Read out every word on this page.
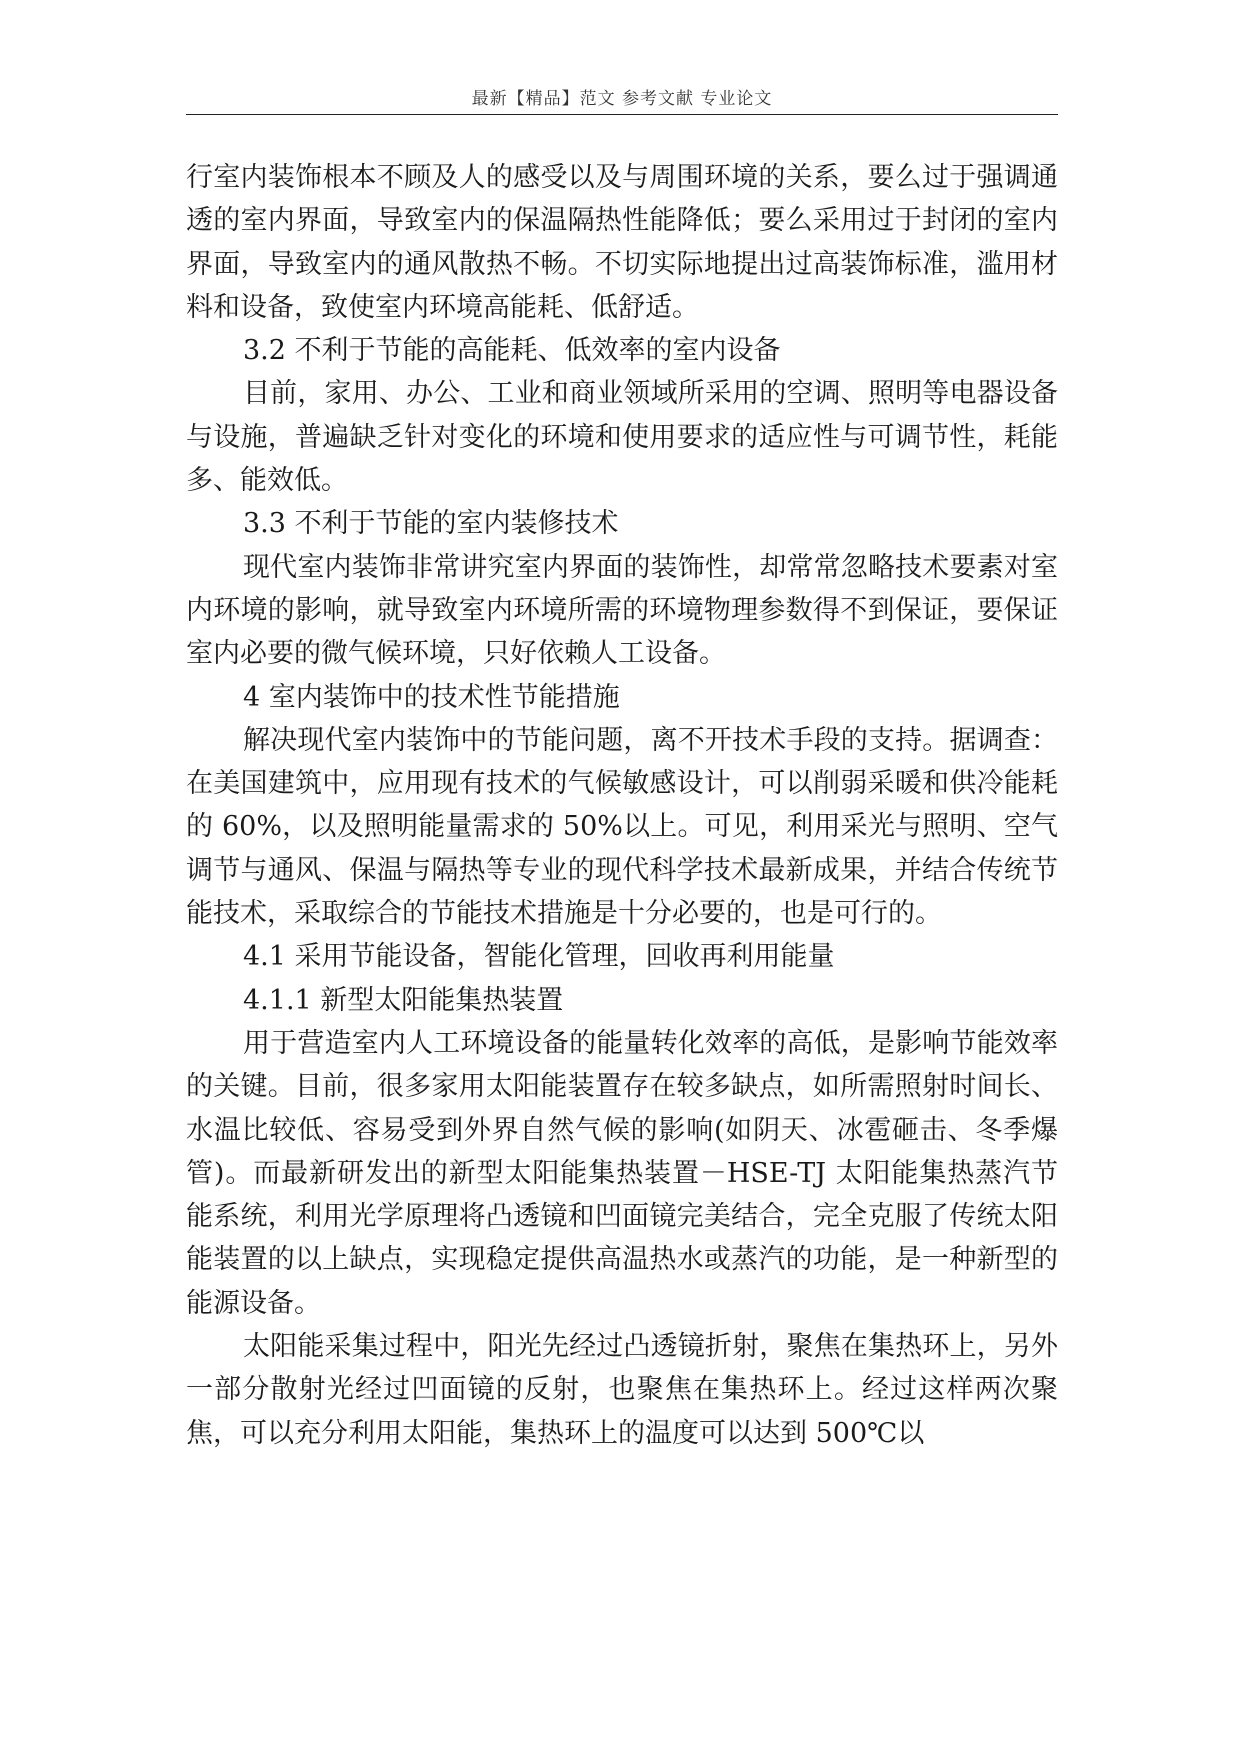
最新【精品】范文 参考文献 专业论文

行室内装饰根本不顾及人的感受以及与周围环境的关系，要么过于强调通透的室内界面，导致室内的保温隔热性能降低；要么采用过于封闭的室内界面，导致室内的通风散热不畅。不切实际地提出过高装饰标准，滥用材料和设备，致使室内环境高能耗、低舒适。

3.2 不利于节能的高能耗、低效率的室内设备

目前，家用、办公、工业和商业领域所采用的空调、照明等电器设备与设施，普遍缺乏针对变化的环境和使用要求的适应性与可调节性，耗能多、能效低。

3.3 不利于节能的室内装修技术

现代室内装饰非常讲究室内界面的装饰性，却常常忽略技术要素对室内环境的影响，就导致室内环境所需的环境物理参数得不到保证，要保证室内必要的微气候环境，只好依赖人工设备。

4 室内装饰中的技术性节能措施

解决现代室内装饰中的节能问题，离不开技术手段的支持。据调查：在美国建筑中，应用现有技术的气候敏感设计，可以削弱采暖和供冷能耗的 60%，以及照明能量需求的 50%以上。可见，利用采光与照明、空气调节与通风、保温与隔热等专业的现代科学技术最新成果，并结合传统节能技术，采取综合的节能技术措施是十分必要的，也是可行的。

4.1 采用节能设备，智能化管理，回收再利用能量

4.1.1 新型太阳能集热装置

用于营造室内人工环境设备的能量转化效率的高低，是影响节能效率的关键。目前，很多家用太阳能装置存在较多缺点，如所需照射时间长、水温比较低、容易受到外界自然气候的影响(如阴天、冰雹砸击、冬季爆管)。而最新研发出的新型太阳能集热装置－HSE-TJ 太阳能集热蒸汽节能系统，利用光学原理将凸透镜和凹面镜完美结合，完全克服了传统太阳能装置的以上缺点，实现稳定提供高温热水或蒸汽的功能，是一种新型的能源设备。

太阳能采集过程中，阳光先经过凸透镜折射，聚焦在集热环上，另外一部分散射光经过凹面镜的反射，也聚焦在集热环上。经过这样两次聚焦，可以充分利用太阳能，集热环上的温度可以达到 500℃以
